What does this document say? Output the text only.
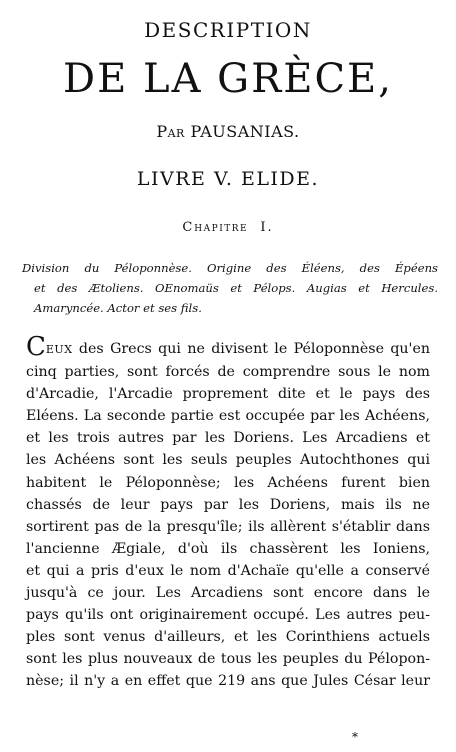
DESCRIPTION
DE LA GRÈCE,
PAR PAUSANIAS.
LIVRE V. ELIDE.
CHAPITRE I.
Division du Péloponnèse. Origine des Éléens, des Épéens
et des Ætoliens. OEnomaüs et Pélops. Augias et Hercules.
Amaryncée. Actor et ses fils.
CEUX des Grecs qui ne divisent le Péloponnèse qu'en
cinq parties, sont forcés de comprendre sous le nom
d'Arcadie, l'Arcadie proprement dite et le pays des
Eléens. La seconde partie est occupée par les Achéens,
et les trois autres par les Doriens. Les Arcadiens et
les Achéens sont les seuls peuples Autochthones qui
habitent le Péloponnèse; les Achéens furent bien
chassés de leur pays par les Doriens, mais ils ne
sortirent pas de la presqu'île; ils allèrent s'établir dans
l'ancienne Ægiale, d'où ils chassèrent les Ioniens,
et qui a pris d'eux le nom d'Achaïe qu'elle a conservé
jusqu'à ce jour. Les Arcadiens sont encore dans le
pays qu'ils ont originairement occupé. Les autres peu-
ples sont venus d'ailleurs, et les Corinthiens actuels
sont les plus nouveaux de tous les peuples du Pélopon-
nèse; il n'y a en effet que 219 ans que Jules César leur
*
